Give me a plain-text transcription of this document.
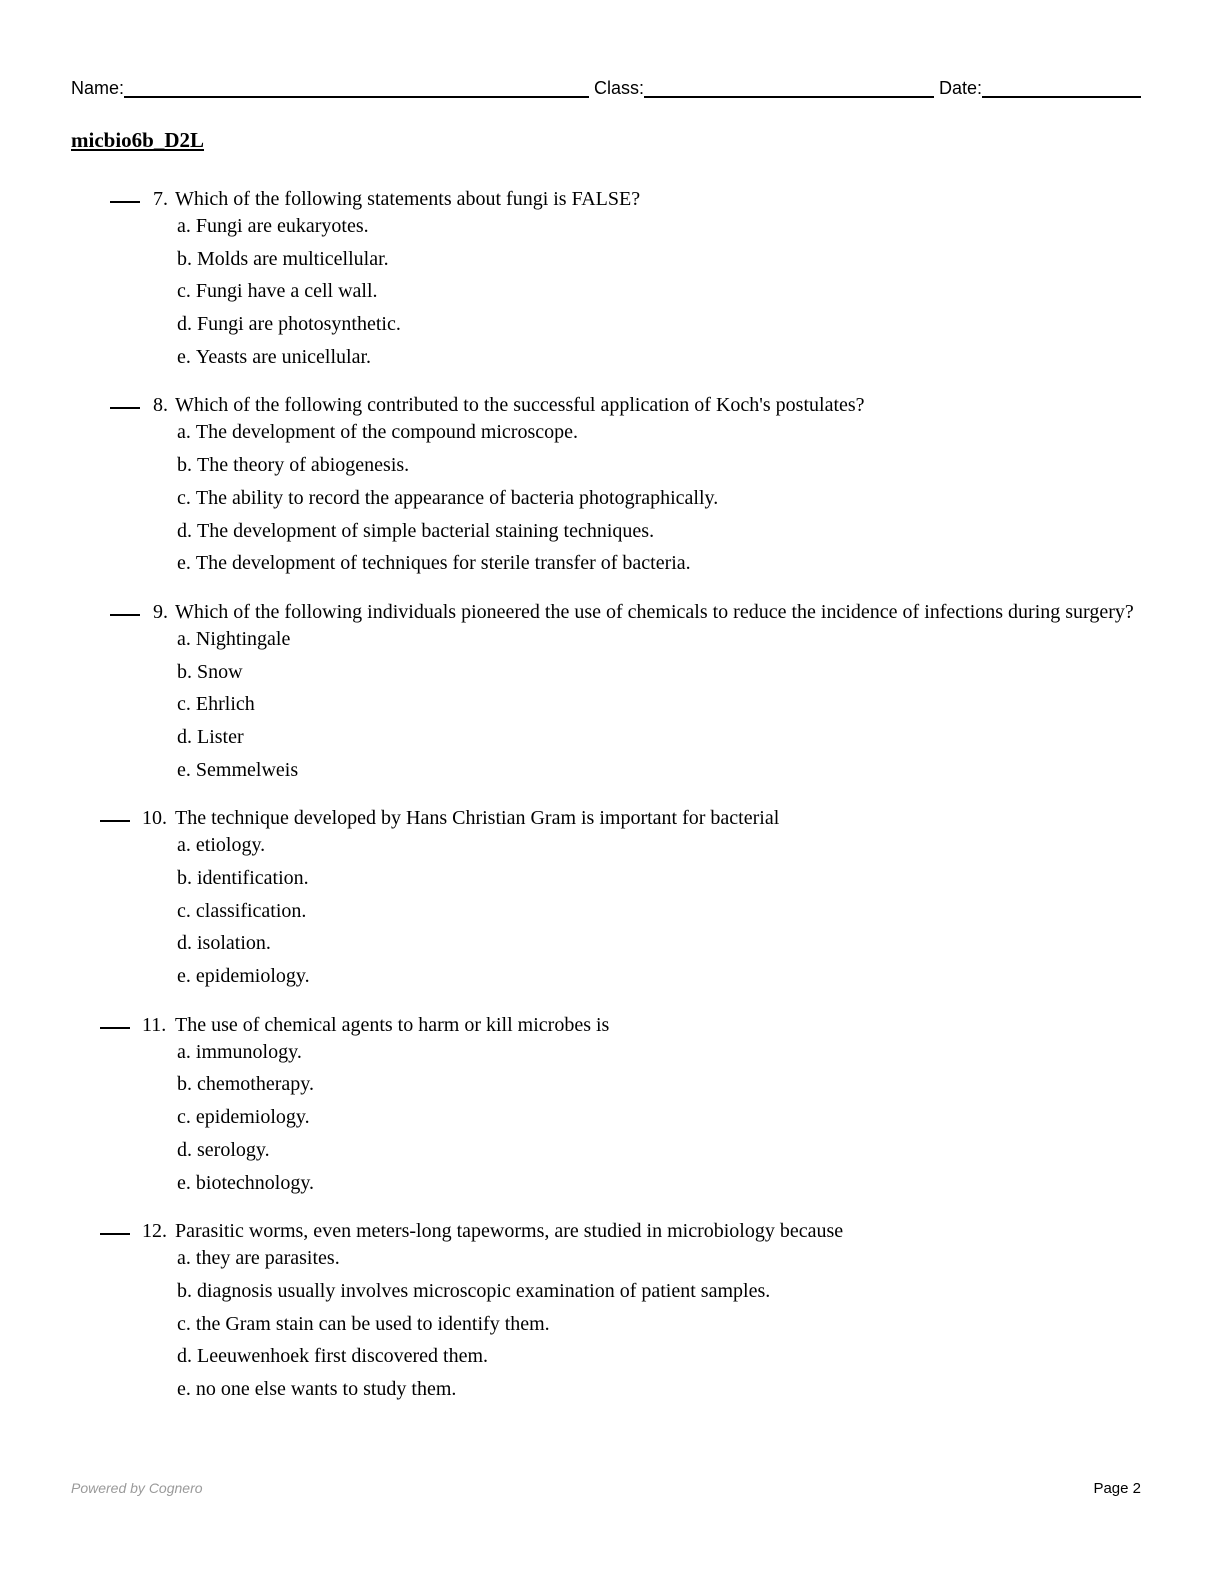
Name:	Class:	Date:
micbio6b_D2L
7. Which of the following statements about fungi is FALSE?
a. Fungi are eukaryotes.
b. Molds are multicellular.
c. Fungi have a cell wall.
d. Fungi are photosynthetic.
e. Yeasts are unicellular.
8. Which of the following contributed to the successful application of Koch's postulates?
a. The development of the compound microscope.
b. The theory of abiogenesis.
c. The ability to record the appearance of bacteria photographically.
d. The development of simple bacterial staining techniques.
e. The development of techniques for sterile transfer of bacteria.
9. Which of the following individuals pioneered the use of chemicals to reduce the incidence of infections during surgery?
a. Nightingale
b. Snow
c. Ehrlich
d. Lister
e. Semmelweis
10. The technique developed by Hans Christian Gram is important for bacterial
a. etiology.
b. identification.
c. classification.
d. isolation.
e. epidemiology.
11. The use of chemical agents to harm or kill microbes is
a. immunology.
b. chemotherapy.
c. epidemiology.
d. serology.
e. biotechnology.
12. Parasitic worms, even meters-long tapeworms, are studied in microbiology because
a. they are parasites.
b. diagnosis usually involves microscopic examination of patient samples.
c. the Gram stain can be used to identify them.
d. Leeuwenhoek first discovered them.
e. no one else wants to study them.
Powered by Cognero	Page 2
